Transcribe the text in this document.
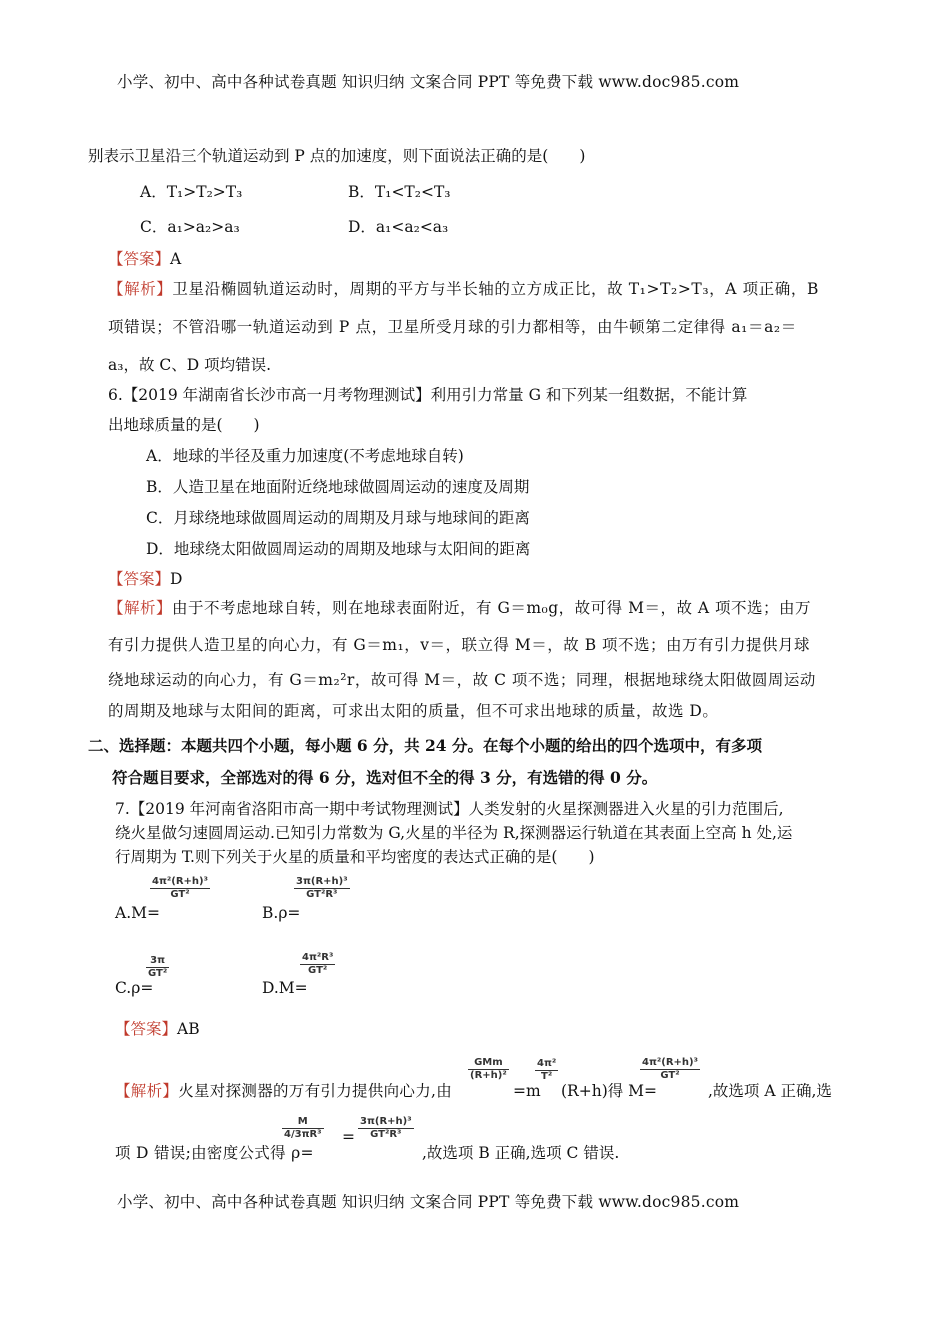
小学、初中、高中各种试卷真题 知识归纳 文案合同 PPT 等免费下载 www.doc985.com
别表示卫星沿三个轨道运动到 P 点的加速度，则下面说法正确的是(　　)
A．T₁>T₂>T₃	B．T₁<T₂<T₃
C．a₁>a₂>a₃	D．a₁<a₂<a₃
【答案】A
【解析】卫星沿椭圆轨道运动时，周期的平方与半长轴的立方成正比，故 T₁>T₂>T₃，A 项正确，B
项错误；不管沿哪一轨道运动到 P 点，卫星所受月球的引力都相等，由牛顿第二定律得 a₁＝a₂＝
a₃，故 C、D 项均错误.
6.【2019 年湖南省长沙市高一月考物理测试】利用引力常量 G 和下列某一组数据，不能计算
出地球质量的是(　　)
A．地球的半径及重力加速度(不考虑地球自转)
B．人造卫星在地面附近绕地球做圆周运动的速度及周期
C．月球绕地球做圆周运动的周期及月球与地球间的距离
D．地球绕太阳做圆周运动的周期及地球与太阳间的距离
【答案】D
【解析】由于不考虑地球自转，则在地球表面附近，有 G＝m₀g，故可得 M＝，故 A 项不选；由万
有引力提供人造卫星的向心力，有 G＝m₁，v＝，联立得 M＝，故 B 项不选；由万有引力提供月球
绕地球运动的向心力，有 G＝m₂²r，故可得 M＝，故 C 项不选；同理，根据地球绕太阳做圆周运动
的周期及地球与太阳间的距离，可求出太阳的质量，但不可求出地球的质量，故选 D。
二、选择题：本题共四个小题，每小题 6 分，共 24 分。在每个小题的给出的四个选项中，有多项
符合题目要求，全部选对的得 6 分，选对但不全的得 3 分，有选错的得 0 分。
7.【2019 年河南省洛阳市高一期中考试物理测试】人类发射的火星探测器进入火星的引力范围后,
绕火星做匀速圆周运动.已知引力常数为 G,火星的半径为 R,探测器运行轨道在其表面上空高 h 处,运
行周期为 T.则下列关于火星的质量和平均密度的表达式正确的是(　　)
A.M=
$\frac{\text{4π²(R+h)³}}{\text{GT²}}$
B.ρ=
$\frac{\text{3π(R+h)³}}{\text{GT²R³}}$
C.ρ=
$\frac{3\pi}{\text{GT²}}$
D.M=
$\frac{\text{4π²R³}}{\text{GT²}}$
【答案】AB
【解析】火星对探测器的万有引力提供向心力,由
GMm
(R+h)²
=m
$\frac{\text{4π²}}{\text{T²}}$
(R+h)得 M=
$\frac{\text{4π²(R+h)³}}{\text{GT²}}$
,故选项 A 正确,选
项 D 错误;由密度公式得 ρ=
$\frac{M}{\text{4/3πR³}} = \frac{\text{3π(R+h)³}}{\text{GT²R³}}$
,故选项 B 正确,选项 C 错误.
小学、初中、高中各种试卷真题 知识归纳 文案合同 PPT 等免费下载 www.doc985.com
